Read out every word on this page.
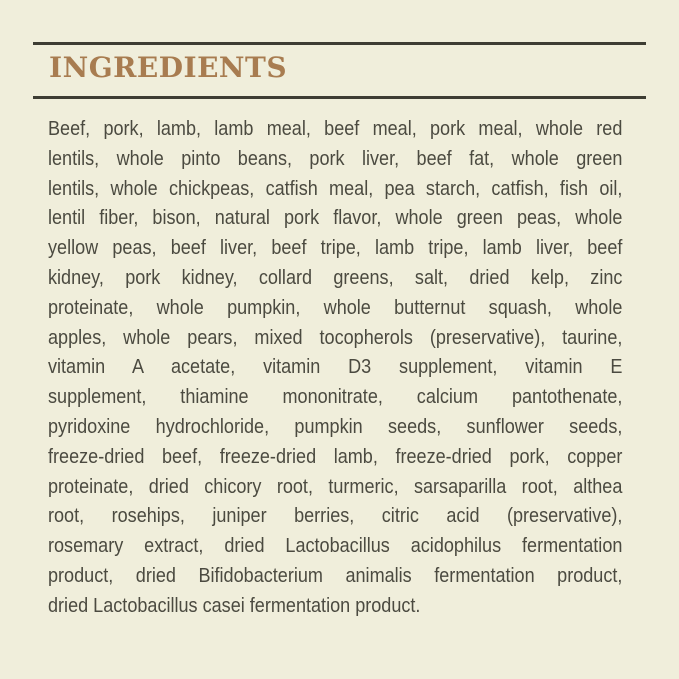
INGREDIENTS
Beef, pork, lamb, lamb meal, beef meal, pork meal, whole red
lentils, whole pinto beans, pork liver, beef fat, whole green
lentils, whole chickpeas, catfish meal, pea starch, catfish, fish oil,
lentil fiber, bison, natural pork flavor, whole green peas, whole
yellow peas, beef liver, beef tripe, lamb tripe, lamb liver, beef
kidney, pork kidney, collard greens, salt, dried kelp, zinc
proteinate, whole pumpkin, whole butternut squash, whole
apples, whole pears, mixed tocopherols (preservative), taurine,
vitamin A acetate, vitamin D3 supplement, vitamin E
supplement, thiamine mononitrate, calcium pantothenate,
pyridoxine hydrochloride, pumpkin seeds, sunflower seeds,
freeze-dried beef, freeze-dried lamb, freeze-dried pork, copper
proteinate, dried chicory root, turmeric, sarsaparilla root, althea
root, rosehips, juniper berries, citric acid (preservative),
rosemary extract, dried Lactobacillus acidophilus fermentation
product, dried Bifidobacterium animalis fermentation product,
dried Lactobacillus casei fermentation product.
